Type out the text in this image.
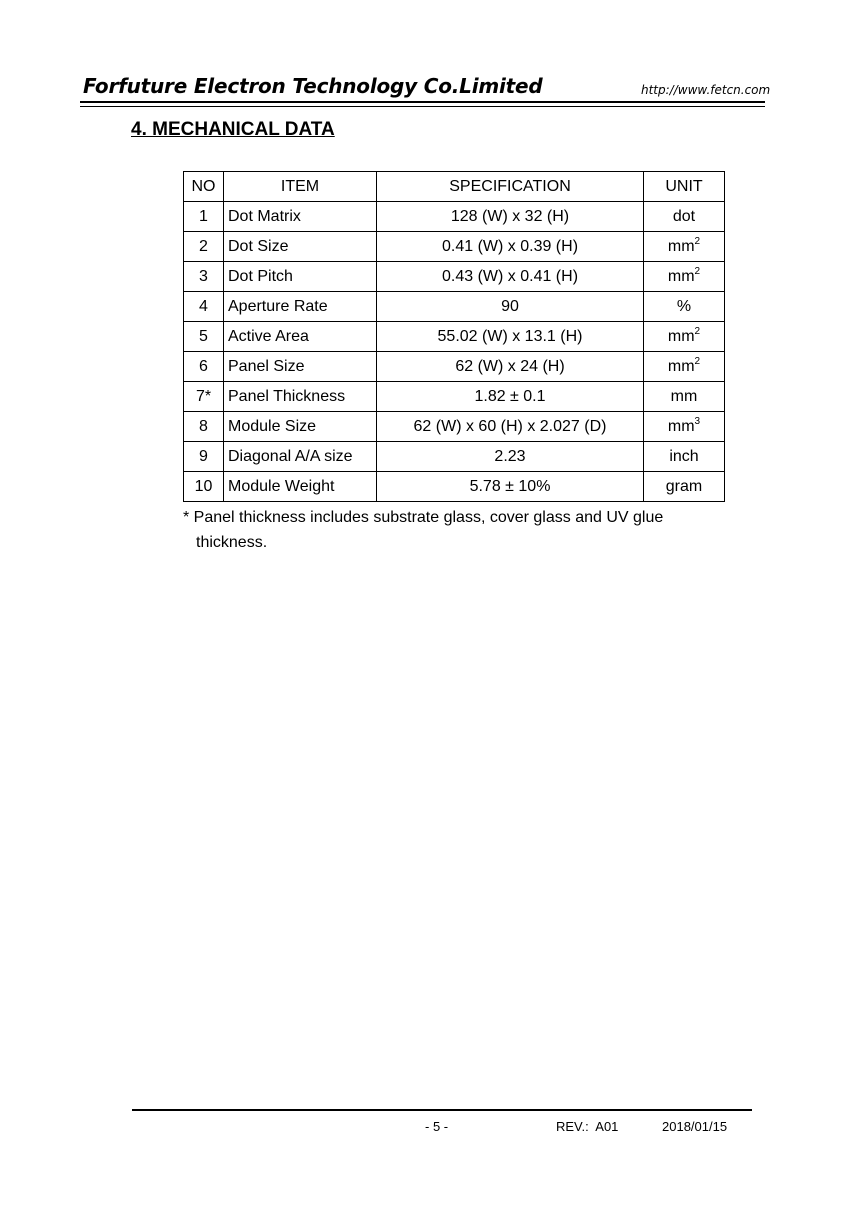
Forfuture Electron Technology Co.Limited	http://www.fetcn.com
4. MECHANICAL DATA
NO	ITEM	SPECIFICATION	UNIT
1	Dot Matrix	128 (W) x 32 (H)	dot
2	Dot Size	0.41 (W) x 0.39 (H)	$mm^2$
3	Dot Pitch	0.43 (W) x 0.41 (H)	$mm^2$
4	Aperture Rate	90	%
5	Active Area	55.02 (W) x 13.1 (H)	$mm^2$
6	Panel Size	62 (W) x 24 (H)	$mm^2$
7*	Panel Thickness	1.82 ± 0.1	mm
8	Module Size	62 (W) x 60 (H) x 2.027 (D)	$mm^3$
9	Diagonal A/A size	2.23	inch
10	Module Weight	5.78 ± 10%	gram
* Panel thickness includes substrate glass, cover glass and UV glue
thickness.
- 5 -	REV.:  A01	2018/01/15
